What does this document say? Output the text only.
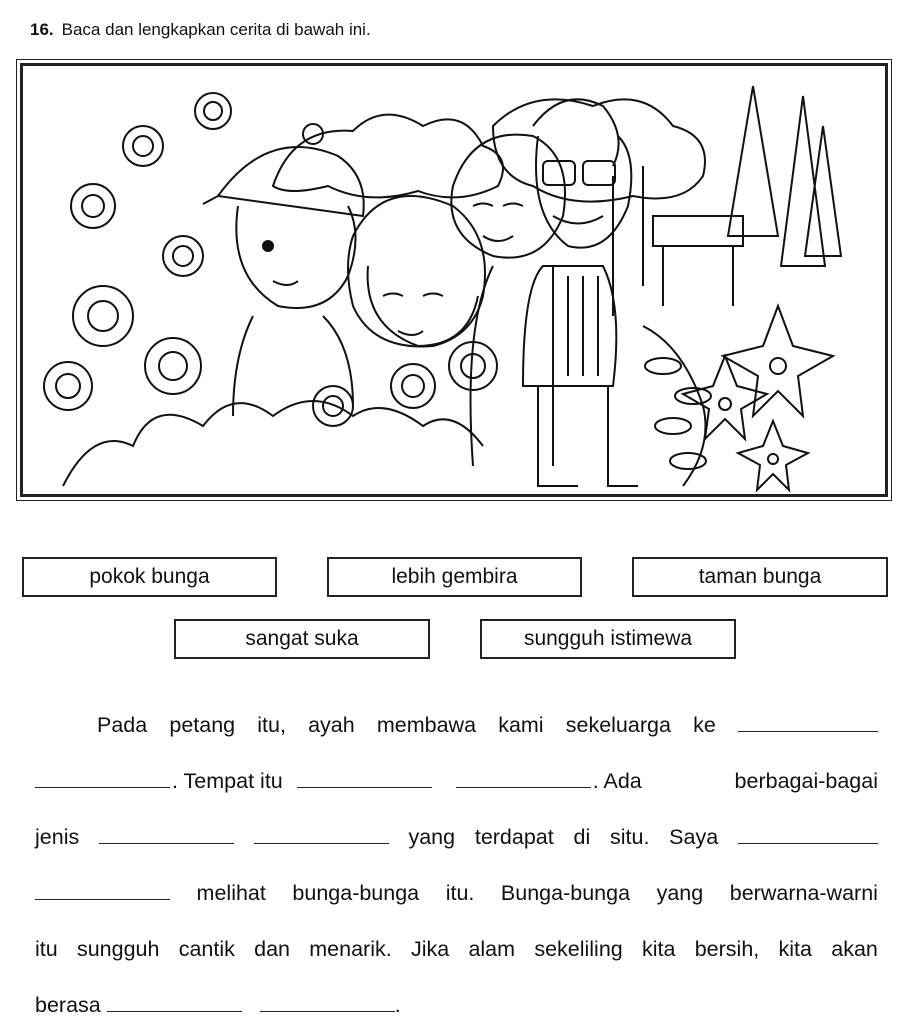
16. Baca dan lengkapkan cerita di bawah ini.
pokok bunga	lebih gembira	taman bunga
sangat suka	sungguh istimewa
Pada petang itu, ayah membawa kami sekeluarga ke
. Tempat itu	. Ada	berbagai-bagai
jenis	yang terdapat di situ. Saya
melihat bunga-bunga itu. Bunga-bunga yang berwarna-warni
itu sungguh cantik dan menarik. Jika alam sekeliling kita bersih, kita akan
berasa	.
